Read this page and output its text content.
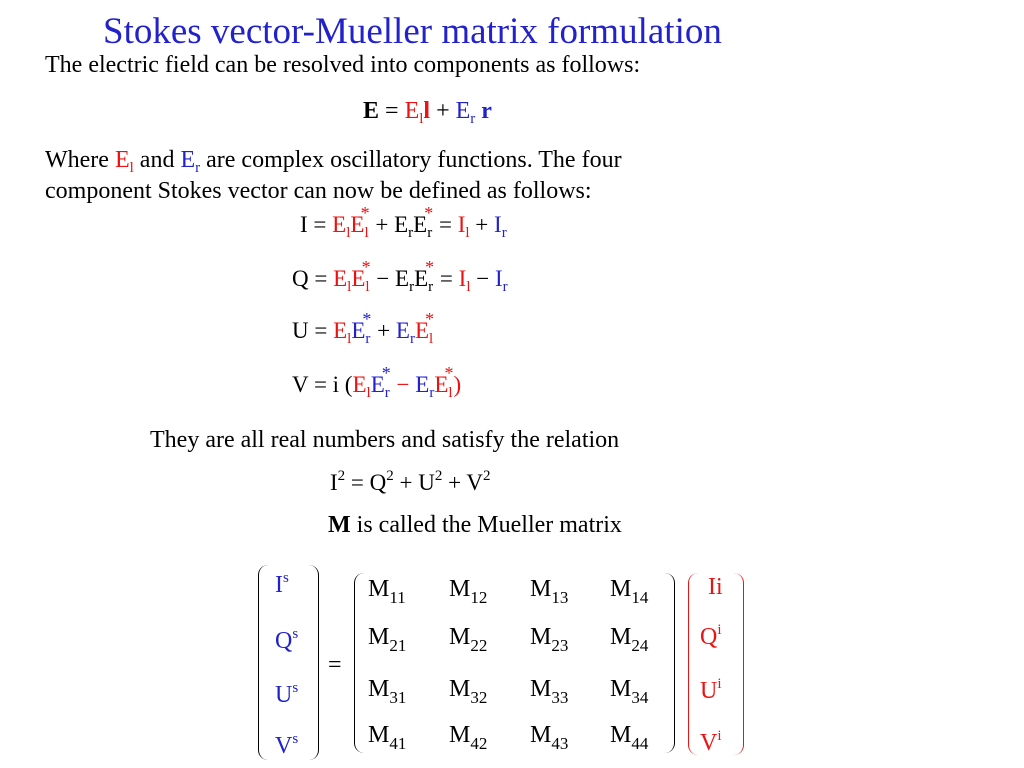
Stokes vector-Mueller matrix formulation
The electric field can be resolved into components as follows:
$E = E_ll + E_r$ r
Where $E_l$ and $E_r$ are complex oscillatory functions. The four
component Stokes vector can now be defined as follows:
$I = E_lE_l^* + E_rE_r^* = I_l + I_r$
$Q = E_lE_l^* - E_rE_r^* = I_l - I_r$
$U = E_lE_r^* + E_rE_l^*$
V = i $(E_lE_r^* - E_rE_l^*)$
They are all real numbers and satisfy the relation
$I^2 = Q^2 + U^2 + V^2$
M is called the Mueller matrix
$I^s$
$Q^s$
$U^s$
$V^s$
=
$M_{11}$ $M_{12}$ $M_{13}$ $M_{14}$
$M_{21}$ $M_{22}$ $M_{23}$ $M_{24}$
$M_{31}$ $M_{32}$ $M_{33}$ $M_{34}$
$M_{41}$ $M_{42}$ $M_{43}$ $M_{44}$
Ii
$Q^i$
$U^i$
$V^i$
